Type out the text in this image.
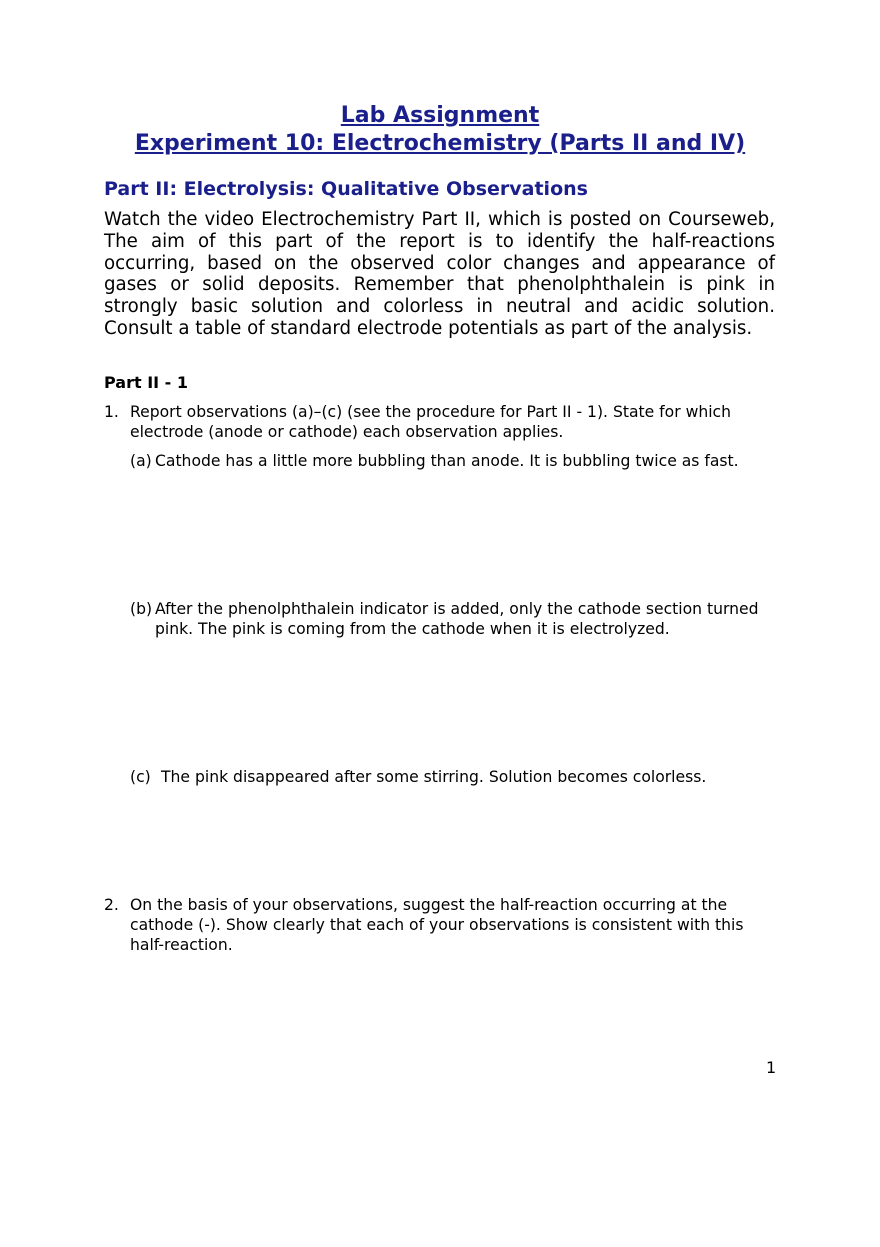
Lab Assignment
Experiment 10: Electrochemistry (Parts II and IV)
Part II: Electrolysis: Qualitative Observations

Watch the video Electrochemistry Part II, which is posted on Courseweb, The aim of this part of the report is to identify the half-reactions occurring, based on the observed color changes and appearance of gases or solid deposits. Remember that phenolphthalein is pink in strongly basic solution and colorless in neutral and acidic solution. Consult a table of standard electrode potentials as part of the analysis.

Part II - 1
1. Report observations (a)–(c) (see the procedure for Part II - 1). State for which electrode (anode or cathode) each observation applies.
(a) Cathode has a little more bubbling than anode. It is bubbling twice as fast.
(b) After the phenolphthalein indicator is added, only the cathode section turned pink. The pink is coming from the cathode when it is electrolyzed.
(c) The pink disappeared after some stirring. Solution becomes colorless.
2. On the basis of your observations, suggest the half-reaction occurring at the cathode (-). Show clearly that each of your observations is consistent with this half-reaction.
1
